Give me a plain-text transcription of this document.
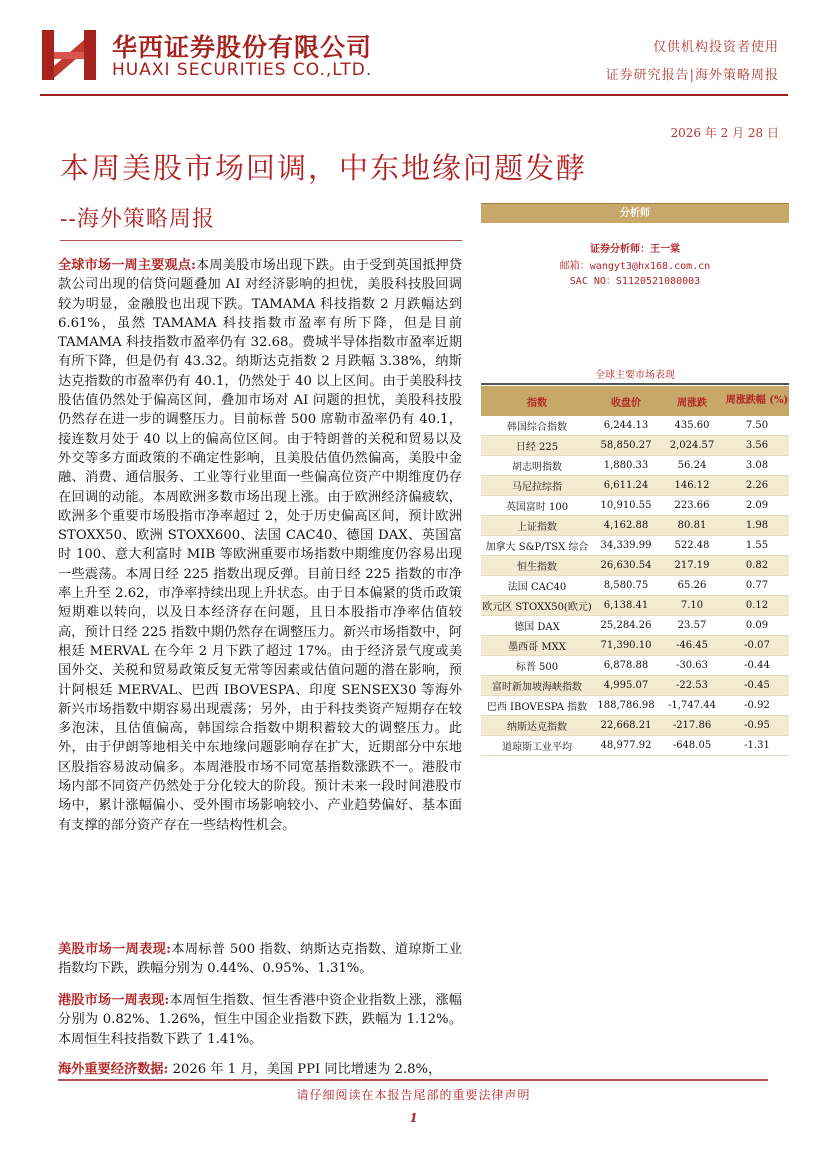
华西证券股份有限公司
HUAXI SECURITIES CO.,LTD.
仅供机构投资者使用
证券研究报告|海外策略周报
2026 年 2 月 28 日
本周美股市场回调，中东地缘问题发酵
--海外策略周报	分析师
证券分析师：王一棠
邮箱：wangyt3@hx168.com.cn
SAC NO：S1120521080003
全球主要市场表现
指数	收盘价	周涨跌	周涨跌幅 (%)
韩国综合指数	6,244.13	435.60	7.50
日经 225	58,850.27	2,024.57	3.56
胡志明指数	1,880.33	56.24	3.08
马尼拉综指	6,611.24	146.12	2.26
英国富时 100	10,910.55	223.66	2.09
上证指数	4,162.88	80.81	1.98
加拿大 S&P/TSX 综合	34,339.99	522.48	1.55
恒生指数	26,630.54	217.19	0.82
法国 CAC40	8,580.75	65.26	0.77
欧元区 STOXX50(欧元)	6,138.41	7.10	0.12
德国 DAX	25,284.26	23.57	0.09
墨西哥 MXX	71,390.10	-46.45	-0.07
标普 500	6,878.88	-30.63	-0.44
富时新加坡海峡指数	4,995.07	-22.53	-0.45
巴西 IBOVESPA 指数	188,786.98	-1,747.44	-0.92
纳斯达克指数	22,668.21	-217.86	-0.95
道琼斯工业平均	48,977.92	-648.05	-1.31
全球市场一周主要观点:本周美股市场出现下跌。由于受到英国抵押贷款公司出现的信贷问题叠加 AI 对经济影响的担忧，美股科技股回调较为明显，金融股也出现下跌。TAMAMA 科技指数 2 月跌幅达到 6.61%，虽然 TAMAMA 科技指数市盈率有所下降，但是目前 TAMAMA 科技指数市盈率仍有 32.68。费城半导体指数市盈率近期有所下降，但是仍有 43.32。纳斯达克指数 2 月跌幅 3.38%，纳斯达克指数的市盈率仍有 40.1，仍然处于 40 以上区间。由于美股科技股估值仍然处于偏高区间，叠加市场对 AI 问题的担忧，美股科技股仍然存在进一步的调整压力。目前标普 500 席勒市盈率仍有 40.1，接连数月处于 40 以上的偏高位区间。由于特朗普的关税和贸易以及外交等多方面政策的不确定性影响，且美股估值仍然偏高，美股中金融、消费、通信服务、工业等行业里面一些偏高位资产中期维度仍存在回调的动能。本周欧洲多数市场出现上涨。由于欧洲经济偏疲软，欧洲多个重要市场股指市净率超过 2，处于历史偏高区间，预计欧洲 STOXX50、欧洲 STOXX600、法国 CAC40、德国 DAX、英国富时 100、意大利富时 MIB 等欧洲重要市场指数中期维度仍容易出现一些震荡。本周日经 225 指数出现反弹。目前日经 225 指数的市净率上升至 2.62，市净率持续出现上升状态。由于日本偏紧的货币政策短期难以转向，以及日本经济存在问题，且日本股指市净率估值较高，预计日经 225 指数中期仍然存在调整压力。新兴市场指数中，阿根廷 MERVAL 在今年 2 月下跌了超过 17%。由于经济景气度或美国外交、关税和贸易政策反复无常等因素或估值问题的潜在影响，预计阿根廷 MERVAL、巴西 IBOVESPA、印度 SENSEX30 等海外新兴市场指数中期容易出现震荡；另外，由于科技类资产短期存在较多泡沫，且估值偏高，韩国综合指数中期积蓄较大的调整压力。此外，由于伊朗等地相关中东地缘问题影响存在扩大，近期部分中东地区股指容易波动偏多。本周港股市场不同宽基指数涨跌不一。港股市场内部不同资产仍然处于分化较大的阶段。预计未来一段时间港股市场中，累计涨幅偏小、受外围市场影响较小、产业趋势偏好、基本面有支撑的部分资产存在一些结构性机会。
美股市场一周表现:本周标普 500 指数、纳斯达克指数、道琼斯工业指数均下跌，跌幅分别为 0.44%、0.95%、1.31%。
港股市场一周表现:本周恒生指数、恒生香港中资企业指数上涨，涨幅分别为 0.82%、1.26%，恒生中国企业指数下跌，跌幅为 1.12%。本周恒生科技指数下跌了 1.41%。
海外重要经济数据: 2026 年 1 月，美国 PPI 同比增速为 2.8%，
请仔细阅读在本报告尾部的重要法律声明
1
